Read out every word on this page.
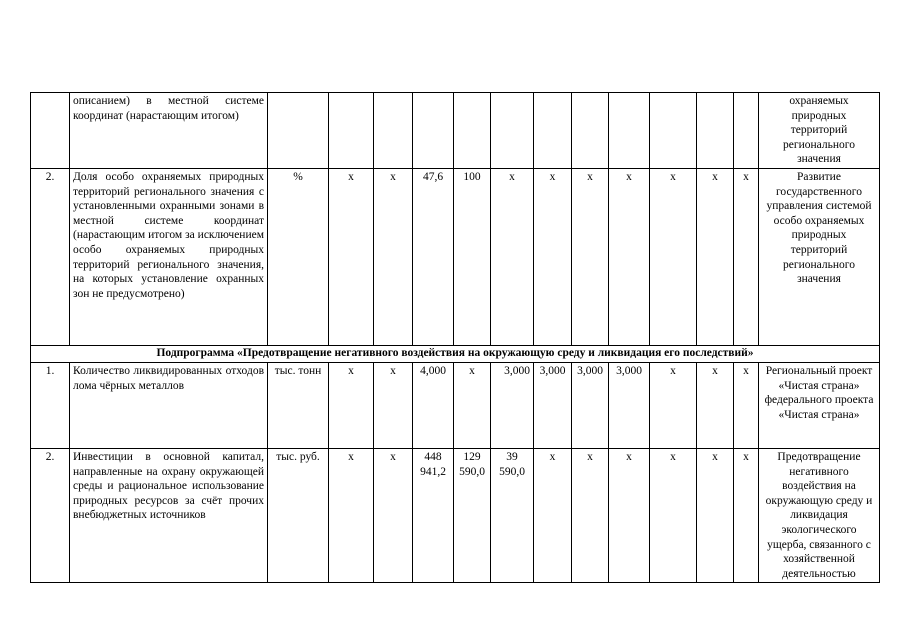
	описанием) в местной системе координат (нарастающим итогом)													охраняемых природных территорий регионального значения
2.	Доля особо охраняемых природных территорий регионального значения с установленными охранными зонами в местной системе координат (нарастающим итогом за исключением особо охраняемых природных территорий регионального значения, на которых установление охранных зон не предусмотрено)	%	х	х	47,6	100	х	х	х	х	х	х	х	Развитие государственного управления системой особо охраняемых природных территорий регионального значения
Подпрограмма «Предотвращение негативного воздействия на окружающую среду и ликвидация его последствий»														
1.	Количество ликвидированных отходов лома чёрных металлов	тыс. тонн	х	х	4,000	х	3,000	3,000	3,000	3,000	х	х	х	Региональный проект «Чистая страна» федерального проекта «Чистая страна»
2.	Инвестиции в основной капитал, направленные на охрану окружающей среды и рациональное использование природных ресурсов за счёт прочих внебюджетных источников	тыс. руб.	х	х	448 941,2	129 590,0	39 590,0	х	х	х	х	х	х	Предотвращение негативного воздействия на окружающую среду и ликвидация экологического ущерба, связанного с хозяйственной деятельностью
